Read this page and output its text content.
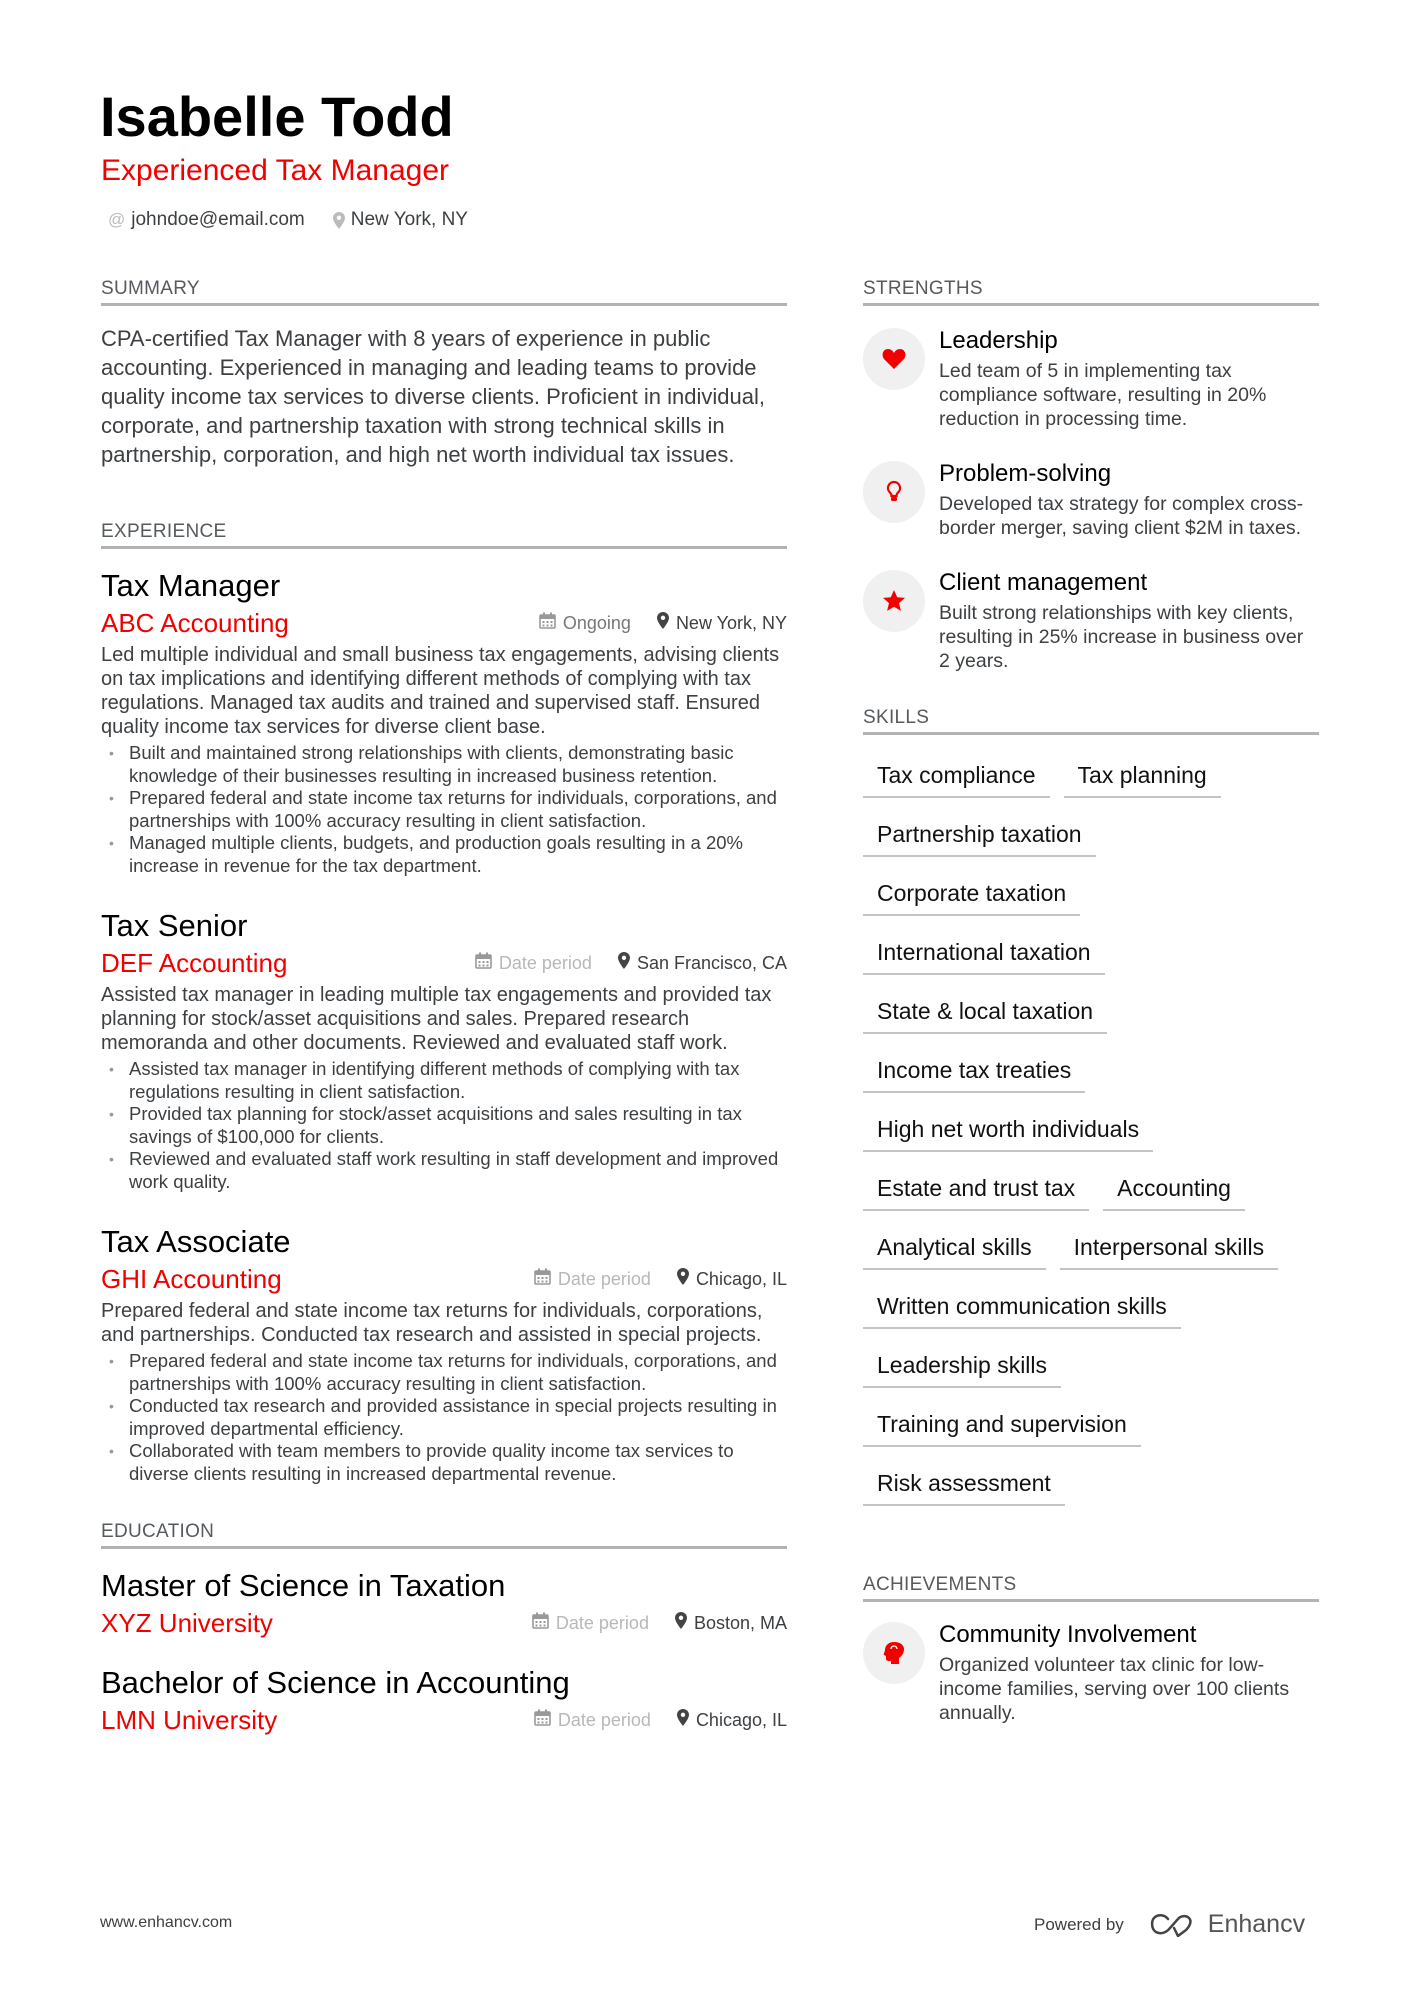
Isabelle Todd
Experienced Tax Manager
@ johndoe@email.com New York, NY
SUMMARY
CPA-certified Tax Manager with 8 years of experience in public accounting. Experienced in managing and leading teams to provide quality income tax services to diverse clients. Proficient in individual, corporate, and partnership taxation with strong technical skills in partnership, corporation, and high net worth individual tax issues.
EXPERIENCE
Tax Manager
ABC Accounting	Ongoing	New York, NY
Led multiple individual and small business tax engagements, advising clients on tax implications and identifying different methods of complying with tax regulations. Managed tax audits and trained and supervised staff. Ensured quality income tax services for diverse client base.
• Built and maintained strong relationships with clients, demonstrating basic knowledge of their businesses resulting in increased business retention.
• Prepared federal and state income tax returns for individuals, corporations, and partnerships with 100% accuracy resulting in client satisfaction.
• Managed multiple clients, budgets, and production goals resulting in a 20% increase in revenue for the tax department.
Tax Senior
DEF Accounting	Date period	San Francisco, CA
Assisted tax manager in leading multiple tax engagements and provided tax planning for stock/asset acquisitions and sales. Prepared research memoranda and other documents. Reviewed and evaluated staff work.
• Assisted tax manager in identifying different methods of complying with tax regulations resulting in client satisfaction.
• Provided tax planning for stock/asset acquisitions and sales resulting in tax savings of $100,000 for clients.
• Reviewed and evaluated staff work resulting in staff development and improved work quality.
Tax Associate
GHI Accounting	Date period	Chicago, IL
Prepared federal and state income tax returns for individuals, corporations, and partnerships. Conducted tax research and assisted in special projects.
• Prepared federal and state income tax returns for individuals, corporations, and partnerships with 100% accuracy resulting in client satisfaction.
• Conducted tax research and provided assistance in special projects resulting in improved departmental efficiency.
• Collaborated with team members to provide quality income tax services to diverse clients resulting in increased departmental revenue.
EDUCATION
Master of Science in Taxation
XYZ University	Date period	Boston, MA
Bachelor of Science in Accounting
LMN University	Date period	Chicago, IL
STRENGTHS
Leadership
Led team of 5 in implementing tax compliance software, resulting in 20% reduction in processing time.
Problem-solving
Developed tax strategy for complex cross-border merger, saving client $2M in taxes.
Client management
Built strong relationships with key clients, resulting in 25% increase in business over 2 years.
SKILLS
Tax compliance	Tax planning
Partnership taxation
Corporate taxation
International taxation
State & local taxation
Income tax treaties
High net worth individuals
Estate and trust tax	Accounting
Analytical skills	Interpersonal skills
Written communication skills
Leadership skills
Training and supervision
Risk assessment
ACHIEVEMENTS
Community Involvement
Organized volunteer tax clinic for low-income families, serving over 100 clients annually.
www.enhancv.com	Powered by	Enhancv
